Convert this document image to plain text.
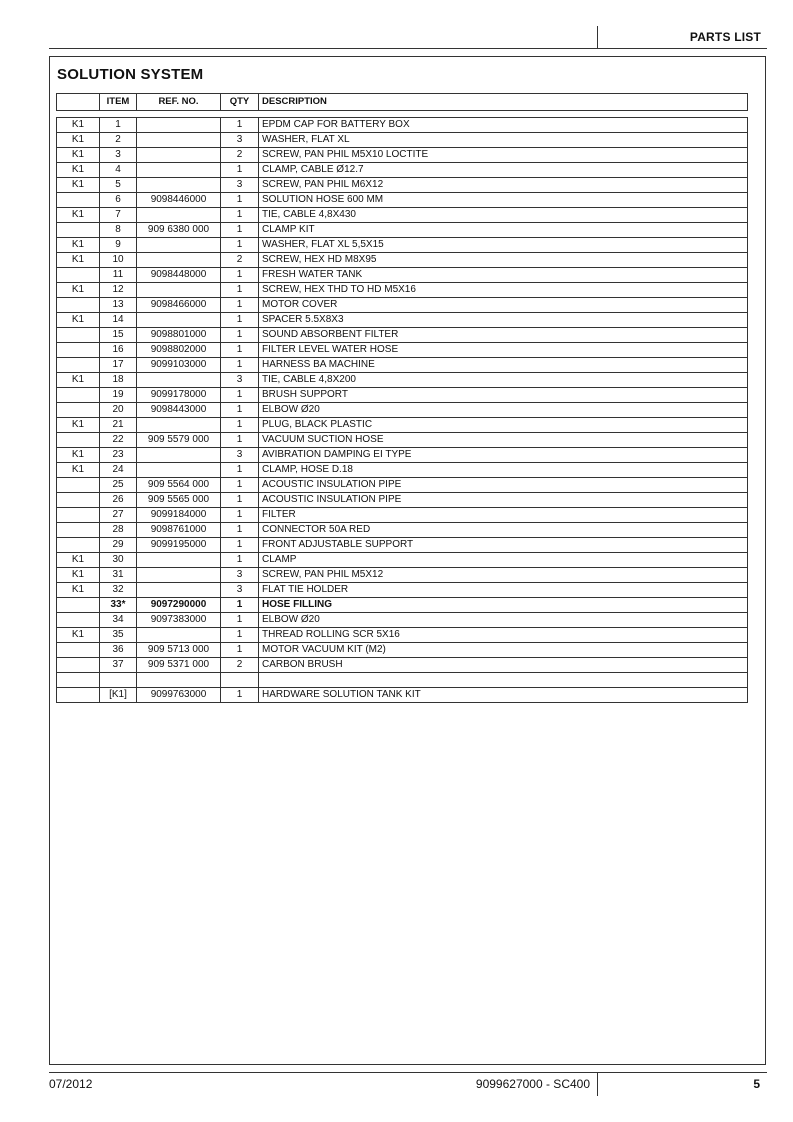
PARTS LIST
SOLUTION SYSTEM
	ITEM	REF. NO.	QTY	DESCRIPTION
K1	1		1	EPDM CAP FOR BATTERY BOX
K1	2		3	WASHER, FLAT XL
K1	3		2	SCREW, PAN PHIL M5X10 LOCTITE
K1	4		1	CLAMP, CABLE Ø12.7
K1	5		3	SCREW, PAN PHIL M6X12
	6	9098446000	1	SOLUTION HOSE 600 MM
K1	7		1	TIE, CABLE 4,8X430
	8	909 6380 000	1	CLAMP KIT
K1	9		1	WASHER, FLAT XL 5,5X15
K1	10		2	SCREW, HEX HD M8X95
	11	9098448000	1	FRESH WATER TANK
K1	12		1	SCREW, HEX THD TO HD M5X16
	13	9098466000	1	MOTOR COVER
K1	14		1	SPACER 5.5X8X3
	15	9098801000	1	SOUND ABSORBENT FILTER
	16	9098802000	1	FILTER LEVEL WATER HOSE
	17	9099103000	1	HARNESS BA MACHINE
K1	18		3	TIE, CABLE 4,8X200
	19	9099178000	1	BRUSH SUPPORT
	20	9098443000	1	ELBOW Ø20
K1	21		1	PLUG, BLACK PLASTIC
	22	909 5579 000	1	VACUUM SUCTION HOSE
K1	23		3	AVIBRATION DAMPING EI TYPE
K1	24		1	CLAMP, HOSE D.18
	25	909 5564 000	1	ACOUSTIC INSULATION PIPE
	26	909 5565 000	1	ACOUSTIC INSULATION PIPE
	27	9099184000	1	FILTER
	28	9098761000	1	CONNECTOR 50A RED
	29	9099195000	1	FRONT ADJUSTABLE SUPPORT
K1	30		1	CLAMP
K1	31		3	SCREW, PAN PHIL M5X12
K1	32		3	FLAT TIE HOLDER
	33*	9097290000	1	HOSE FILLING
	34	9097383000	1	ELBOW Ø20
K1	35		1	THREAD ROLLING SCR 5X16
	36	909 5713 000	1	MOTOR VACUUM KIT (M2)
	37	909 5371 000	2	CARBON BRUSH

	[K1]	9099763000	1	HARDWARE SOLUTION TANK KIT
07/2012	9099627000 - SC400	5
